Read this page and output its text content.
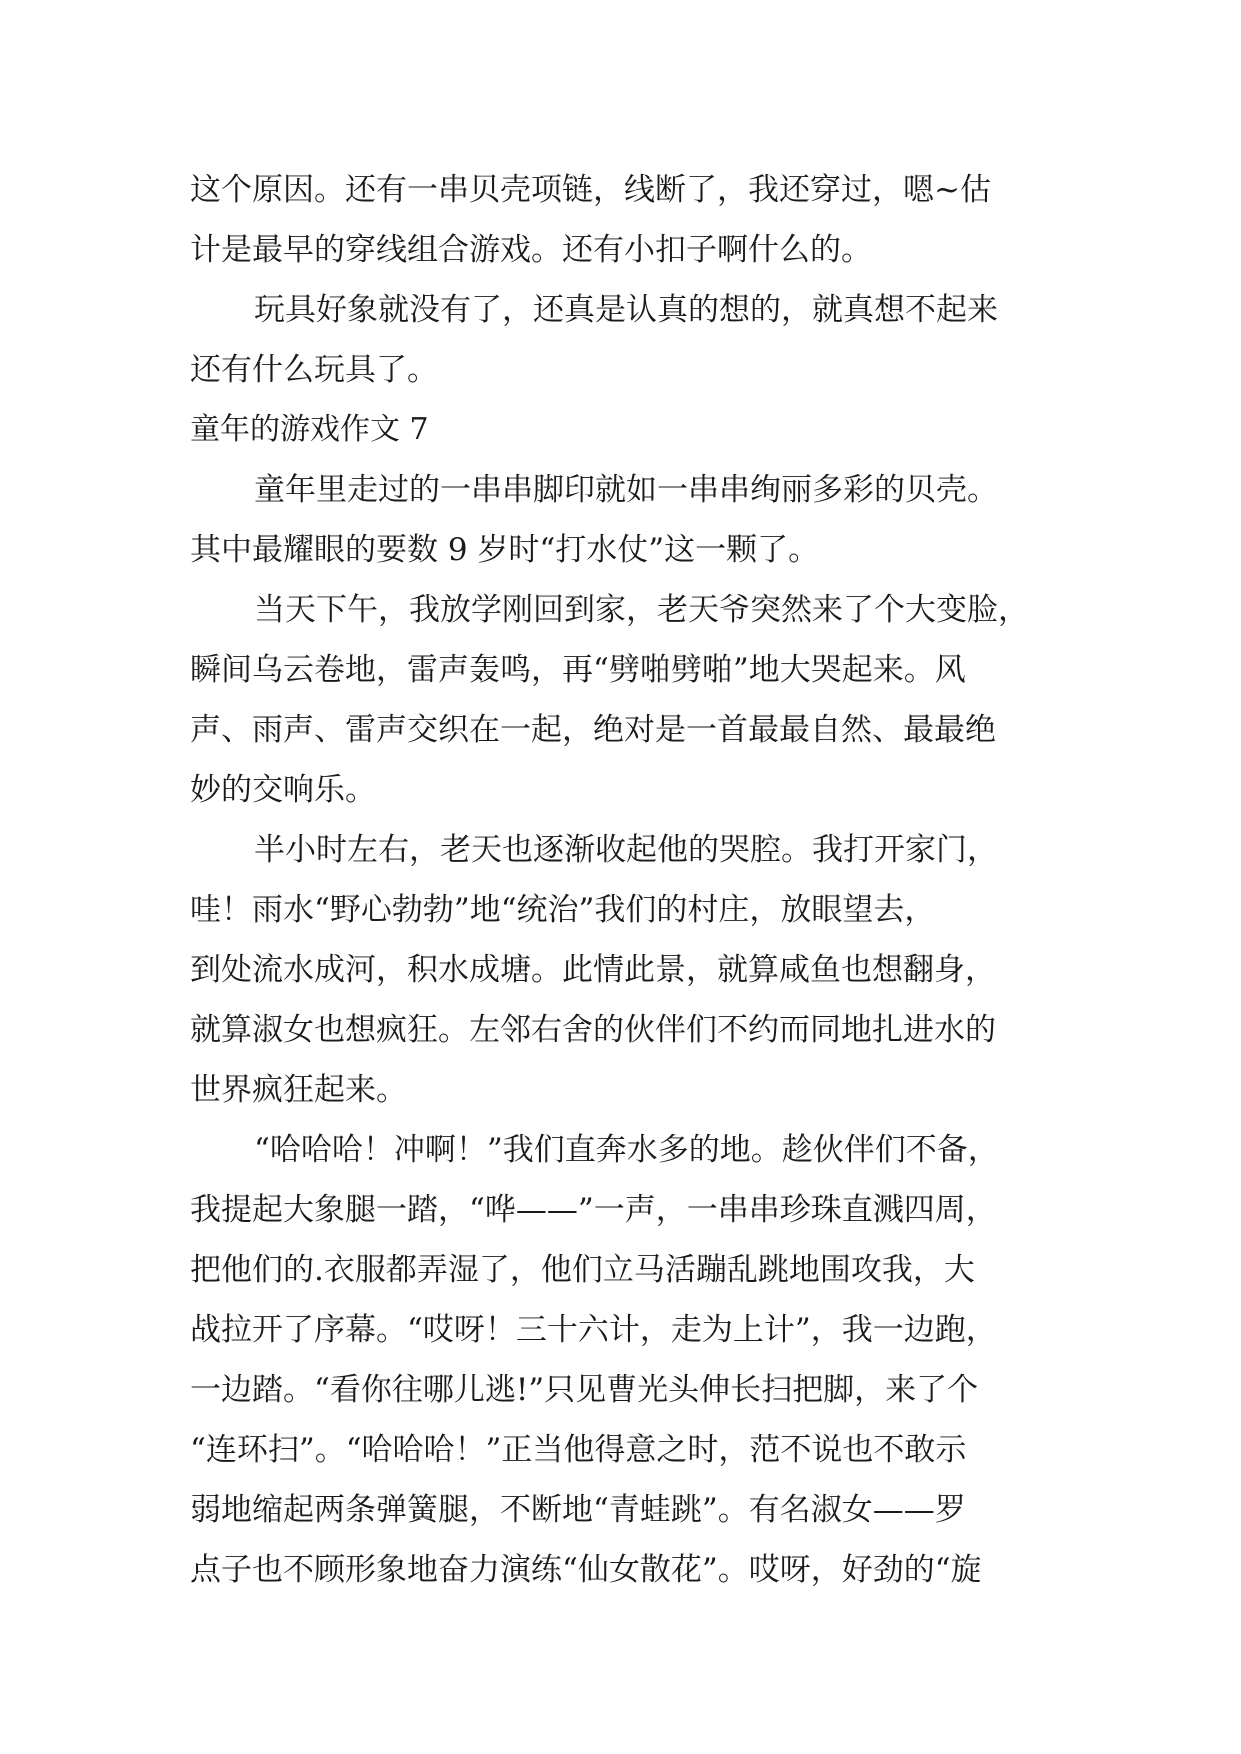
这个原因。还有一串贝壳项链，线断了，我还穿过，嗯~估
计是最早的穿线组合游戏。还有小扣子啊什么的。
玩具好象就没有了，还真是认真的想的，就真想不起来
还有什么玩具了。
童年的游戏作文 7
童年里走过的一串串脚印就如一串串绚丽多彩的贝壳。
其中最耀眼的要数 9 岁时“打水仗”这一颗了。
当天下午，我放学刚回到家，老天爷突然来了个大变脸，
瞬间乌云卷地，雷声轰鸣，再“劈啪劈啪”地大哭起来。风
声、雨声、雷声交织在一起，绝对是一首最最自然、最最绝
妙的交响乐。
半小时左右，老天也逐渐收起他的哭腔。我打开家门，
哇！雨水“野心勃勃”地“统治”我们的村庄，放眼望去，
到处流水成河，积水成塘。此情此景，就算咸鱼也想翻身，
就算淑女也想疯狂。左邻右舍的伙伴们不约而同地扎进水的
世界疯狂起来。
“哈哈哈！冲啊！”我们直奔水多的地。趁伙伴们不备，
我提起大象腿一踏，“哗——”一声，一串串珍珠直溅四周，
把他们的.衣服都弄湿了，他们立马活蹦乱跳地围攻我，大
战拉开了序幕。“哎呀！三十六计，走为上计”，我一边跑，
一边踏。“看你往哪儿逃!”只见曹光头伸长扫把脚，来了个
“连环扫”。“哈哈哈！”正当他得意之时，范不说也不敢示
弱地缩起两条弹簧腿，不断地“青蛙跳”。有名淑女——罗
点子也不顾形象地奋力演练“仙女散花”。哎呀，好劲的“旋
